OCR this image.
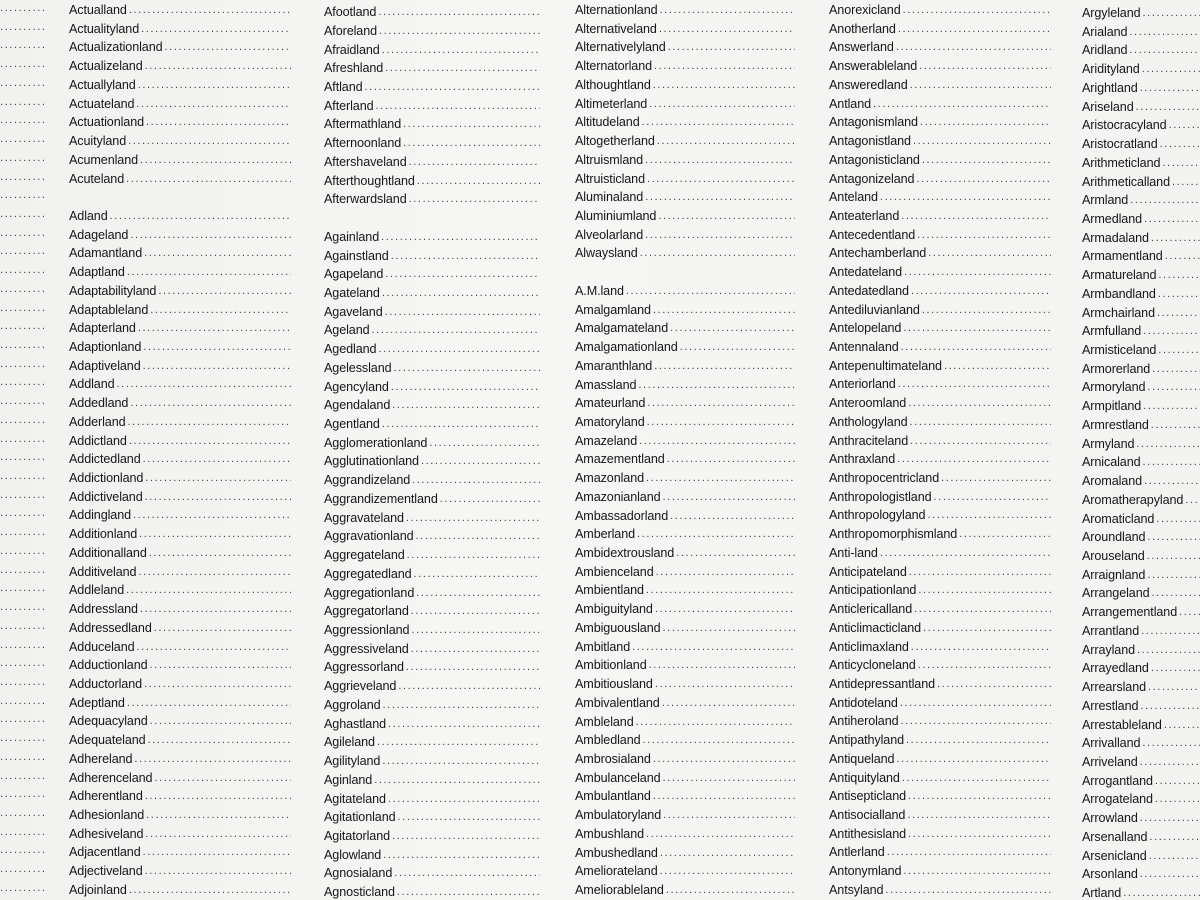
.....
.....
.....
.....
.....
.....
.....
.....
.....
.....
.....
.....
.....
.....
.....
.....
.....
.....
.....
.....
.....
.....
.....
.....
.....
.....
.....
.....
.....
.....
.....
.....
.....
.....
.....
.....
.....
.....
.....
.....
.....
.....
.....
.....
.....
.....
.....
.....
Actualland
.....
Actualityland
.....
Actualizationland
.....
Actualizeland
.....
Actuallyland
.....
Actuateland
.....
Actuationland
.....
Acuityland
.....
Acumenland
.....
Acuteland
.....
Adland
.....
Adageland
.....
Adamantland
.....
Adaptland
.....
Adaptabilityland
.....
Adaptableland
.....
Adapterland
.....
Adaptionland
.....
Adaptiveland
.....
Addland
.....
Addedland
.....
Adderland
.....
Addictland
.....
Addictedland
.....
Addictionland
.....
Addictiveland
.....
Addingland
.....
Additionland
.....
Additionalland
.....
Additiveland
.....
Addleland
.....
Addressland
.....
Addressedland
.....
Adduceland
.....
Adductionland
.....
Adductorland
.....
Adeptland
.....
Adequacyland
.....
Adequateland
.....
Adhereland
.....
Adherenceland
.....
Adherentland
.....
Adhesionland
.....
Adhesiveland
.....
Adjacentland
.....
Adjectiveland
.....
Adjoinland
.....
Afootland
.....
Aforeland
.....
Afraidland
.....
Afreshland
.....
Aftland
.....
Afterland
.....
Aftermathland
.....
Afternoonland
.....
Aftershaveland
.....
Afterthoughtland
.....
Afterwardsland
.....
Againland
.....
Againstland
.....
Agapeland
.....
Agateland
.....
Agaveland
.....
Ageland
.....
Agedland
.....
Agelessland
.....
Agencyland
.....
Agendaland
.....
Agentland
.....
Agglomerationland
.....
Agglutinationland
.....
Aggrandizeland
.....
Aggrandizementland
.....
Aggravateland
.....
Aggravationland
.....
Aggregateland
.....
Aggregatedland
.....
Aggregationland
.....
Aggregatorland
.....
Aggressionland
.....
Aggressiveland
.....
Aggressorland
.....
Aggrieveland
.....
Aggroland
.....
Aghastland
.....
Agileland
.....
Agilityland
.....
Aginland
.....
Agitateland
.....
Agitationland
.....
Agitatorland
.....
Aglowland
.....
Agnosialand
.....
Agnosticland
.....
Alternationland
.....
Alternativeland
.....
Alternativelyland
.....
Alternatorland
.....
Althoughtland
.....
Altimeterland
.....
Altitudeland
.....
Altogetherland
.....
Altruismland
.....
Altruisticland
.....
Aluminaland
.....
Aluminiumland
.....
Alveolarland
.....
Alwaysland
.....
A.M.land
.....
Amalgamland
.....
Amalgamateland
.....
Amalgamationland
.....
Amaranthland
.....
Amassland
.....
Amateurland
.....
Amatoryland
.....
Amazeland
.....
Amazementland
.....
Amazonland
.....
Amazonianland
.....
Ambassadorland
.....
Amberland
.....
Ambidextrousland
.....
Ambienceland
.....
Ambientland
.....
Ambiguityland
.....
Ambiguousland
.....
Ambitland
.....
Ambitionland
.....
Ambitiousland
.....
Ambivalentland
.....
Ambleland
.....
Ambledland
.....
Ambrosialand
.....
Ambulanceland
.....
Ambulantland
.....
Ambulatoryland
.....
Ambushland
.....
Ambushedland
.....
Ameliorateland
.....
Ameliorableland
.....
Anorexicland
.....
Anotherland
.....
Answerland
.....
Answerableland
.....
Answeredland
.....
Antland
.....
Antagonismland
.....
Antagonistland
.....
Antagonisticland
.....
Antagonizeland
.....
Anteland
.....
Anteaterland
.....
Antecedentland
.....
Antechamberland
.....
Antedateland
.....
Antedatedland
.....
Antediluvianland
.....
Antelopeland
.....
Antennaland
.....
Antepenultimateland
.....
Anteriorland
.....
Anteroomland
.....
Anthologyland
.....
Anthraciteland
.....
Anthraxland
.....
Anthropocentricland
.....
Anthropologistland
.....
Anthropologyland
.....
Anthropomorphismland
.....
Anti-land
.....
Anticipateland
.....
Anticipationland
.....
Anticlericalland
.....
Anticlimacticland
.....
Anticlimaxland
.....
Anticycloneland
.....
Antidepressantland
.....
Antidoteland
.....
Antiheroland
.....
Antipathyland
.....
Antiqueland
.....
Antiquityland
.....
Antisepticland
.....
Antisocialland
.....
Antithesisland
.....
Antlerland
.....
Antonymland
.....
Antsyland
.....
Argyleland
.....
Arialand
.....
Aridland
.....
Aridityland
.....
Arightland
.....
Ariseland
.....
Aristocracyland
.....
Aristocratland
.....
Arithmeticland
.....
Arithmeticalland
.....
Armland
.....
Armedland
.....
Armadaland
.....
Armamentland
.....
Armatureland
.....
Armbandland
.....
Armchairland
.....
Armfulland
.....
Armisticeland
.....
Armorerland
.....
Armoryland
.....
Armpitland
.....
Armrestland
.....
Armyland
.....
Arnicaland
.....
Aromaland
.....
Aromatherapyland
.....
Aromaticland
.....
Aroundland
.....
Arouseland
.....
Arraignland
.....
Arrangeland
.....
Arrangementland
.....
Arrantland
.....
Arrayland
.....
Arrayedland
.....
Arrearsland
.....
Arrestland
.....
Arrestableland
.....
Arrivalland
.....
Arriveland
.....
Arrogantland
.....
Arrogateland
.....
Arrowland
.....
Arsenalland
.....
Arsenicland
.....
Arsonland
.....
Artland
.....
